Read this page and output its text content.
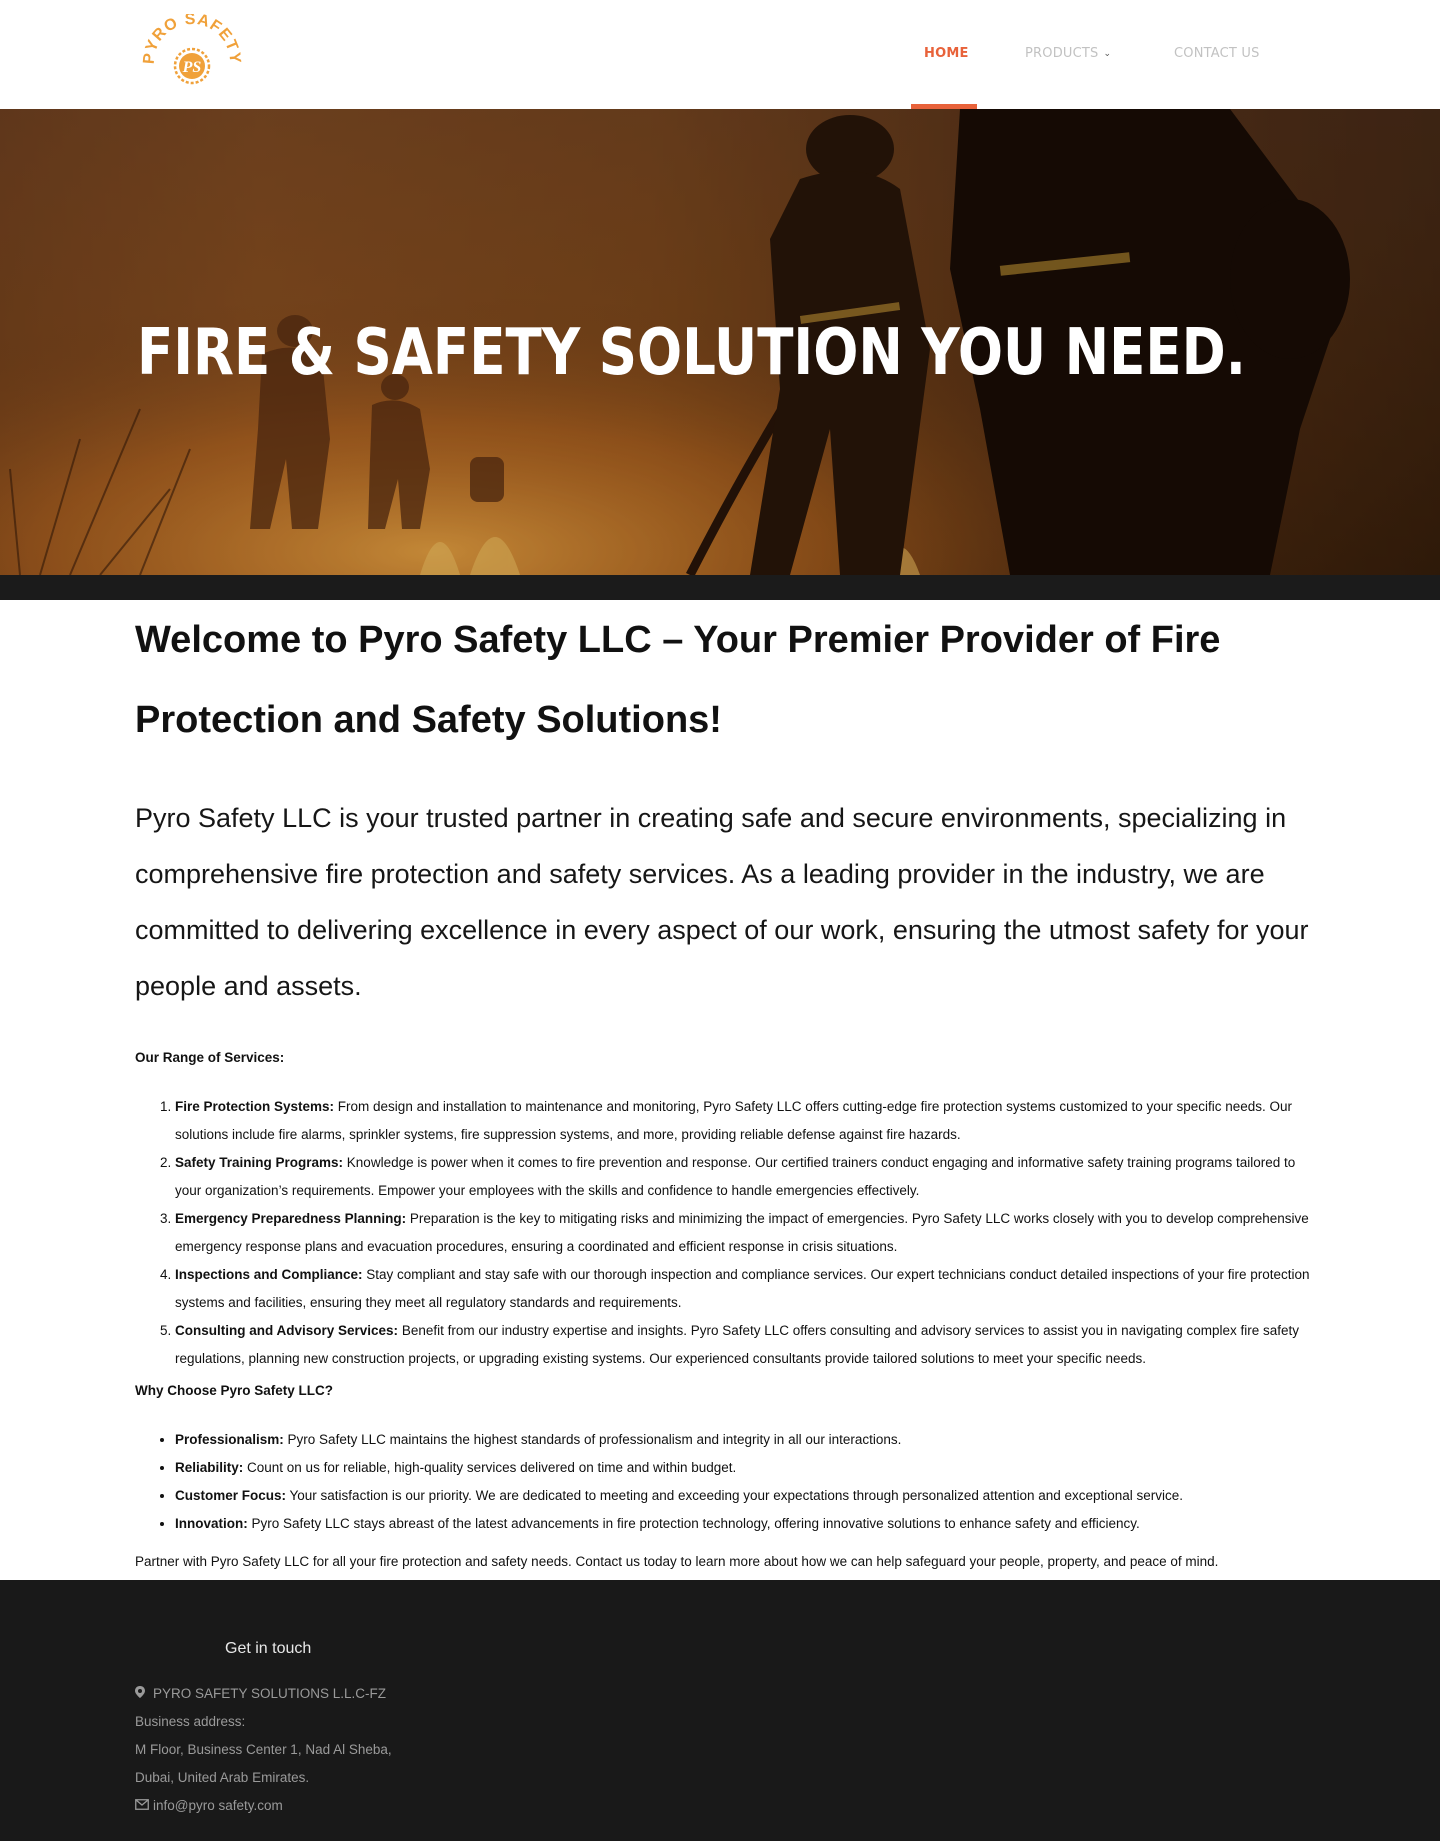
PYRO SAFETY
PS
HOME	PRODUCTS ⌄	CONTACT US
FIRE & SAFETY SOLUTION YOU NEED.
Welcome to Pyro Safety LLC – Your Premier Provider of Fire Protection and Safety Solutions!

Pyro Safety LLC is your trusted partner in creating safe and secure environments, specializing in comprehensive fire protection and safety services. As a leading provider in the industry, we are committed to delivering excellence in every aspect of our work, ensuring the utmost safety for your people and assets.

Our Range of Services:
1. Fire Protection Systems: From design and installation to maintenance and monitoring, Pyro Safety LLC offers cutting-edge fire protection systems customized to your specific needs. Our solutions include fire alarms, sprinkler systems, fire suppression systems, and more, providing reliable defense against fire hazards.
2. Safety Training Programs: Knowledge is power when it comes to fire prevention and response. Our certified trainers conduct engaging and informative safety training programs tailored to your organization’s requirements. Empower your employees with the skills and confidence to handle emergencies effectively.
3. Emergency Preparedness Planning: Preparation is the key to mitigating risks and minimizing the impact of emergencies. Pyro Safety LLC works closely with you to develop comprehensive emergency response plans and evacuation procedures, ensuring a coordinated and efficient response in crisis situations.
4. Inspections and Compliance: Stay compliant and stay safe with our thorough inspection and compliance services. Our expert technicians conduct detailed inspections of your fire protection systems and facilities, ensuring they meet all regulatory standards and requirements.
5. Consulting and Advisory Services: Benefit from our industry expertise and insights. Pyro Safety LLC offers consulting and advisory services to assist you in navigating complex fire safety regulations, planning new construction projects, or upgrading existing systems. Our experienced consultants provide tailored solutions to meet your specific needs.
Why Choose Pyro Safety LLC?
• Professionalism: Pyro Safety LLC maintains the highest standards of professionalism and integrity in all our interactions.
• Reliability: Count on us for reliable, high-quality services delivered on time and within budget.
• Customer Focus: Your satisfaction is our priority. We are dedicated to meeting and exceeding your expectations through personalized attention and exceptional service.
• Innovation: Pyro Safety LLC stays abreast of the latest advancements in fire protection technology, offering innovative solutions to enhance safety and efficiency.

Partner with Pyro Safety LLC for all your fire protection and safety needs. Contact us today to learn more about how we can help safeguard your people, property, and peace of mind.

Get in touch
PYRO SAFETY SOLUTIONS L.L.C-FZ
Business address:
M Floor, Business Center 1, Nad Al Sheba,
Dubai, United Arab Emirates.
info@pyro safety.com
